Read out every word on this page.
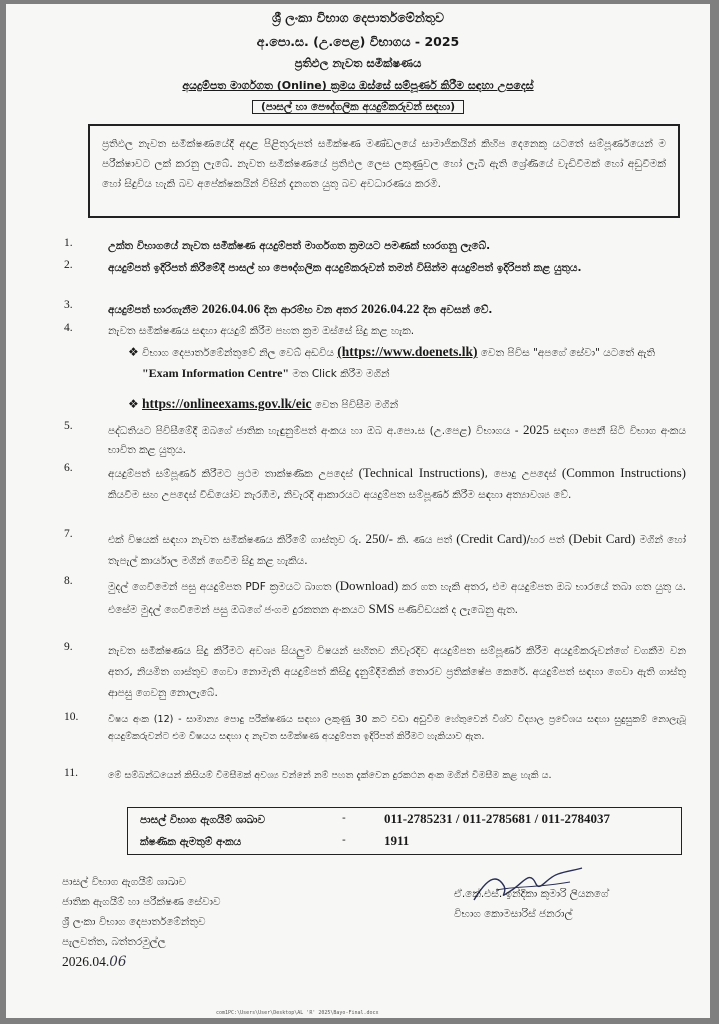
ශ්‍රී ලංකා විභාග දෙපාර්තමේන්තුව
අ.පො.ස. (උ.පෙළ) විභාගය - 2025
ප්‍රතිඵල නැවත සමීක්ෂණය
අයදුම්පත මාර්ගගත (Online) ක්‍රමය ඔස්සේ සම්පූර්ණ කිරීම සඳහා උපදෙස්
(පාසල් හා පෞද්ගලික අයදුම්කරුවන් සඳහා)
ප්‍රතිඵල නැවත සමීක්ෂණයේදී අදාළ පිළිතුරුපත් සමීක්ෂණ මණ්ඩලයේ සාමාජිකයින් කිහිප දෙනෙකු යටතේ සම්පූර්ණයෙන් ම පරීක්ෂාවට ලක් කරනු ලැබේ. නැවත සමීක්ෂණයේ ප්‍රතිඵල ලෙස ලකුණුවල හෝ ලැබී ඇති ශ්‍රේණියේ වැඩිවීමක් හෝ අඩුවීමක් හෝ සිදුවිය හැකි බව අපේක්ෂකයින් විසින් දැනගත යුතු බව අවධාරණය කරමි.
1.	උක්ත විභාගයේ නැවත සමීක්ෂණ අයදුම්පත් මාර්ගගත ක්‍රමයට පමණක් භාරගනු ලැබේ.
2.	අයදුම්පත් ඉදිරිපත් කිරීමේදී පාසල් හා පෞද්ගලික අයදුම්කරුවන් තමන් විසින්ම අයදුම්පත් ඉදිරිපත් කළ යුතුය.
3.	අයදුම්පත් භාරගැනීම 2026.04.06 දින ආරම්භ වන අතර 2026.04.22 දින අවසන් වේ.
4.	නැවත සමීක්ෂණය සඳහා අයදුම් කිරීම පහත ක්‍රම ඔස්සේ සිදු කළ හැක.
❖ විභාග දෙපාර්තමේන්තුවේ නිල වෙබ් අඩවිය (https://www.doenets.lk) වෙත පිවිස "අපගේ සේවා" යටතේ ඇති "Exam Information Centre" මත Click කිරීම මගින්
❖ https://onlineexams.gov.lk/eic වෙත පිවිසීම මගින්
5.	පද්ධතියට පිවිසීමේදී ඔබගේ ජාතික හැඳුනුම්පත් අංකය හා ඔබ අ.පො.ස (උ.පෙළ) විභාගය - 2025 සඳහා පෙනී සිටි විභාග අංකය භාවිත කළ යුතුය.
6.	අයදුම්පත් සම්පූර්ණ කිරීමට ප්‍රථම තාක්ෂණික උපදෙස් (Technical Instructions), පොදු උපදෙස් (Common Instructions) කියවීම සහ උපදෙස් වීඩියෝව නැරඹීම, නිවැරදි ආකාරයට අයදුම්පත සම්පූර්ණ කිරීම සඳහා අත්‍යාවශ්‍ය වේ.
7.	එක් විෂයක් සඳහා නැවත සමීක්ෂණය කිරීමේ ගාස්තුව රු. 250/- කි. ණය පත් (Credit Card)/හර පත් (Debit Card) මගින් හෝ තැපැල් කාර්යාල මගින් ගෙවීම සිදු කළ හැකිය.
8.	මුදල් ගෙවීමෙන් පසු අයදුම්පත PDF ක්‍රමයට බාගත (Download) කර ගත හැකි අතර, එම අයදුම්පත ඔබ භාරයේ තබා ගත යුතු ය. එසේම මුදල් ගෙවීමෙන් පසු ඔබගේ ජංගම දුරකතන අංකයට SMS පණිවිඩයක් ද ලැබෙනු ඇත.
9.	නැවත සමීක්ෂණය සිදු කිරීමට අවශ්‍ය සියලුම විෂයන් සහිතව නිවැරදිව අයදුම්පත සම්පූර්ණ කිරීම අයදුම්කරුවන්ගේ වගකීම වන අතර, නියමිත ගාස්තුව ගෙවා නොමැති අයදුම්පත් කිසිදු දැනුම්දීමකින් තොරව ප්‍රතික්ෂේප කෙරේ. අයදුම්පත් සඳහා ගෙවා ඇති ගාස්තු ආපසු ගෙවනු නොලැබේ.
10.	විෂය අංක (12) - සාමාන්‍ය පොදු පරීක්ෂණය සඳහා ලකුණු 30 කට වඩා අඩුවීම හේතුවෙන් විශ්ව විද්‍යාල ප්‍රවේශය සඳහා සුදුසුකම් නොලැබූ අයදුම්කරුවන්ට එම විෂයය සඳහා ද නැවත සමීක්ෂණ අයදුම්පත ඉදිරිපත් කිරීමට හැකියාව ඇත.
11.	මේ සම්බන්ධයෙන් කිසියම් විමසීමක් අවශ්‍ය වන්නේ නම් පහත දැක්වෙන දුරකථන අංක මගින් විමසීම කළ හැකි ය.
පාසල් විභාග ඇගයීම් ශාඛාව	-	011-2785231 / 011-2785681 / 011-2784037
ක්ෂණික ඇමතුම් අංකය	-	1911
පාසල් විභාග ඇගයීම් ශාඛාව
ජාතික ඇගයීම් හා පරීක්ෂණ සේවාව
ශ්‍රී ලංකා විභාග දෙපාර්තමේන්තුව
පැලවත්ත, බත්තරමුල්ල
2026.04.06
ඒ.කේ.එස්. ඉන්දිකා කුමාරි ලියනගේ
විභාග කොමසාරිස් ජනරාල්
com1PC:\Users\User\Desktop\AL 'R' 2025\Bayo-Final.docx
